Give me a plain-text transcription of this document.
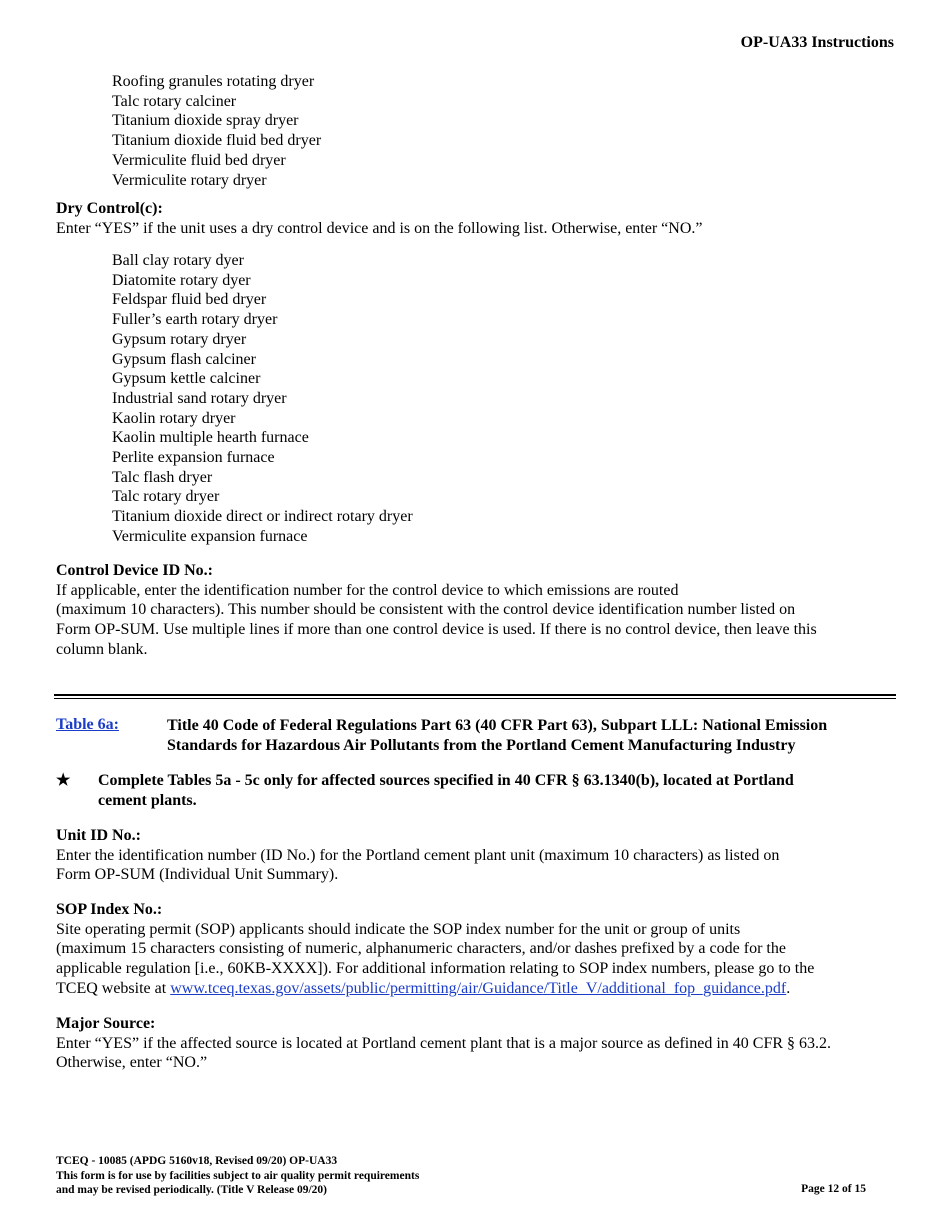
OP-UA33 Instructions
Roofing granules rotating dryer
Talc rotary calciner
Titanium dioxide spray dryer
Titanium dioxide fluid bed dryer
Vermiculite fluid bed dryer
Vermiculite rotary dryer
Dry Control(c):
Enter “YES” if the unit uses a dry control device and is on the following list. Otherwise, enter “NO.”
Ball clay rotary dyer
Diatomite rotary dyer
Feldspar fluid bed dryer
Fuller’s earth rotary dryer
Gypsum rotary dryer
Gypsum flash calciner
Gypsum kettle calciner
Industrial sand rotary dryer
Kaolin rotary dryer
Kaolin multiple hearth furnace
Perlite expansion furnace
Talc flash dryer
Talc rotary dryer
Titanium dioxide direct or indirect rotary dryer
Vermiculite expansion furnace
Control Device ID No.:
If applicable, enter the identification number for the control device to which emissions are routed
(maximum 10 characters). This number should be consistent with the control device identification number listed on
Form OP-SUM. Use multiple lines if more than one control device is used. If there is no control device, then leave this
column blank.
Table 6a:	Title 40 Code of Federal Regulations Part 63 (40 CFR Part 63), Subpart LLL: National Emission
Standards for Hazardous Air Pollutants from the Portland Cement Manufacturing Industry
★ Complete Tables 5a - 5c only for affected sources specified in 40 CFR § 63.1340(b), located at Portland
cement plants.
Unit ID No.:
Enter the identification number (ID No.) for the Portland cement plant unit (maximum 10 characters) as listed on
Form OP-SUM (Individual Unit Summary).
SOP Index No.:
Site operating permit (SOP) applicants should indicate the SOP index number for the unit or group of units
(maximum 15 characters consisting of numeric, alphanumeric characters, and/or dashes prefixed by a code for the
applicable regulation [i.e., 60KB-XXXX]). For additional information relating to SOP index numbers, please go to the
TCEQ website at www.tceq.texas.gov/assets/public/permitting/air/Guidance/Title_V/additional_fop_guidance.pdf.
Major Source:
Enter “YES” if the affected source is located at Portland cement plant that is a major source as defined in 40 CFR § 63.2.
Otherwise, enter “NO.”
TCEQ - 10085 (APDG 5160v18, Revised 09/20) OP-UA33
This form is for use by facilities subject to air quality permit requirements
and may be revised periodically. (Title V Release 09/20)	Page 12 of 15
